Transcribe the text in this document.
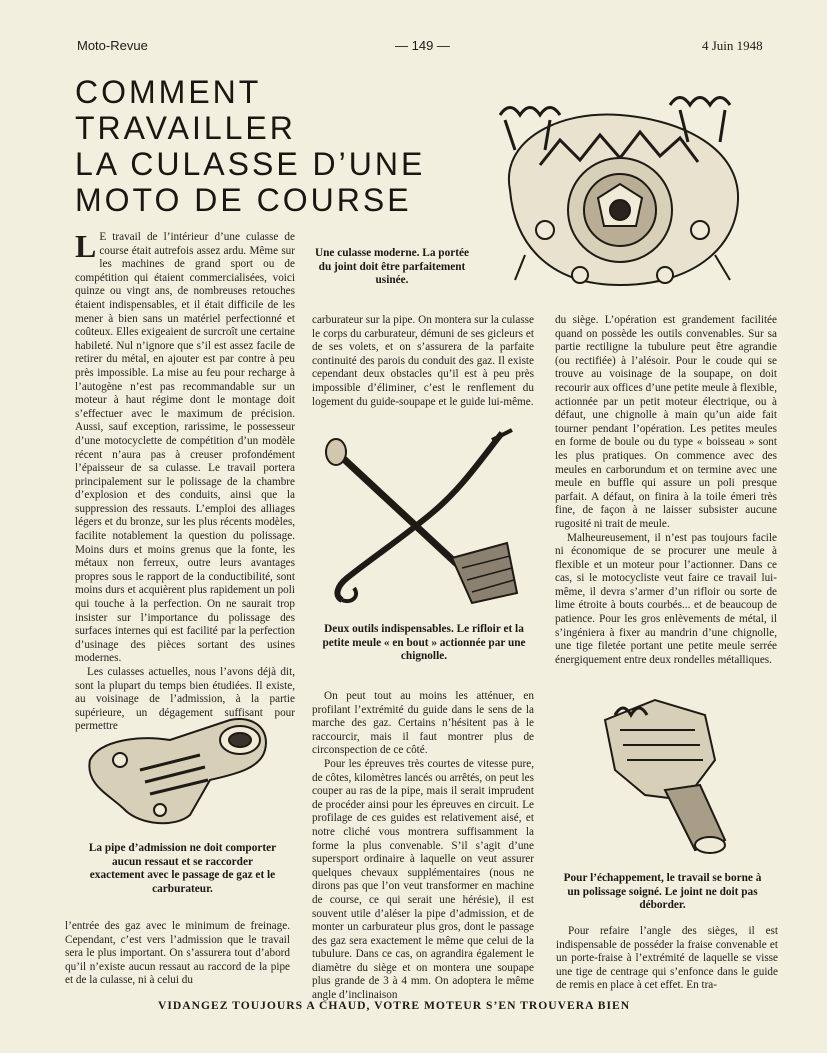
Moto-Revue	— 149 —	4 Juin 1948
COMMENT
TRAVAILLER
LA CULASSE D’UNE
MOTO DE COURSE
Une culasse moderne. La portée du joint doit être parfaitement usinée.
L E travail de l’intérieur d’une culasse de course était autrefois assez ardu. Même sur les machines de grand sport ou de compétition qui étaient commercialisées, voici quinze ou vingt ans, de nombreuses retouches étaient indispensables, et il était difficile de les mener à bien sans un matériel perfectionné et coûteux. Elles exigeaient de surcroît une certaine habileté. Nul n’ignore que s’il est assez facile de retirer du métal, en ajouter est par contre à peu près impossible. La mise au feu pour recharge à l’autogène n’est pas recommandable sur un moteur à haut régime dont le montage doit s’effectuer avec le maximum de précision. Aussi, sauf exception, rarissime, le possesseur d’une motocyclette de compétition d’un modèle récent n’aura pas à creuser profondément l’épaisseur de sa culasse. Le travail portera principalement sur le polissage de la chambre d’explosion et des conduits, ainsi que la suppression des ressauts. L’emploi des alliages légers et du bronze, sur les plus récents modèles, facilite notablement la question du polissage. Moins durs et moins grenus que la fonte, les métaux non ferreux, outre leurs avantages propres sous le rapport de la conductibilité, sont moins durs et acquièrent plus rapidement un poli qui touche à la perfection. On ne saurait trop insister sur l’importance du polissage des surfaces internes qui est facilité par la perfection d’usinage des pièces sortant des usines modernes.

Les culasses actuelles, nous l’avons déjà dit, sont la plupart du temps bien étudiées. Il existe, au voisinage de l’admission, à la partie supérieure, un dégagement suffisant pour permettre

carburateur sur la pipe. On montera sur la culasse le corps du carburateur, démuni de ses gicleurs et de ses volets, et on s’assurera de la parfaite continuité des parois du conduit des gaz. Il existe cependant deux obstacles qu’il est à peu près impossible d’éliminer, c’est le renflement du logement du guide-soupape et le guide lui-même.

Deux outils indispensables. Le rifloir et la petite meule « en bout » actionnée par une chignolle.

du siège. L’opération est grandement facilitée quand on possède les outils convenables. Sur sa partie rectiligne la tubulure peut être agrandie (ou rectifiée) à l’alésoir. Pour le coude qui se trouve au voisinage de la soupape, on doit recourir aux offices d’une petite meule à flexible, actionnée par un petit moteur électrique, ou à défaut, une chignolle à main qu’un aide fait tourner pendant l’opération. Les petites meules en forme de boule ou du type « boisseau » sont les plus pratiques. On commence avec des meules en carborundum et on termine avec une meule en buffle qui assure un poli presque parfait. A défaut, on finira à la toile émeri très fine, de façon à ne laisser subsister aucune rugosité ni trait de meule.

Malheureusement, il n’est pas toujours facile ni économique de se procurer une meule à flexible et un moteur pour l’actionner. Dans ce cas, si le motocycliste veut faire ce travail lui-même, il devra s’armer d’un rifloir ou sorte de lime étroite à bouts courbés... et de beaucoup de patience. Pour les gros enlèvements de métal, il s’ingéniera à fixer au mandrin d’une chignolle, une tige filetée portant une petite meule serrée énergiquement entre deux rondelles métalliques.

La pipe d’admission ne doit comporter aucun ressaut et se raccorder exactement avec le passage de gaz et le carburateur.

l’entrée des gaz avec le minimum de freinage. Cependant, c’est vers l’admission que le travail sera le plus important. On s’assurera tout d’abord qu’il n’existe aucun ressaut au raccord de la pipe et de la culasse, ni à celui du

On peut tout au moins les atténuer, en profilant l’extrémité du guide dans le sens de la marche des gaz. Certains n’hésitent pas à le raccourcir, mais il faut montrer plus de circonspection de ce côté.

Pour les épreuves très courtes de vitesse pure, de côtes, kilomètres lancés ou arrêtés, on peut les couper au ras de la pipe, mais il serait imprudent de procéder ainsi pour les épreuves en circuit. Le profilage de ces guides est relativement aisé, et notre cliché vous montrera suffisamment la forme la plus convenable. S’il s’agit d’une supersport ordinaire à laquelle on veut assurer quelques chevaux supplémentaires (nous ne dirons pas que l’on veut transformer en machine de course, ce qui serait une hérésie), il est souvent utile d’aléser la pipe d’admission, et de monter un carburateur plus gros, dont le passage des gaz sera exactement le même que celui de la tubulure. Dans ce cas, on agrandira également le diamètre du siège et on montera une soupape plus grande de 3 à 4 mm. On adoptera le même angle d’inclinaison

Pour l’échappement, le travail se borne à un polissage soigné. Le joint ne doit pas déborder.

Pour refaire l’angle des sièges, il est indispensable de posséder la fraise convenable et un porte-fraise à l’extrémité de laquelle se visse une tige de centrage qui s’enfonce dans le guide de remis en place à cet effet. En tra-

VIDANGEZ TOUJOURS A CHAUD, VOTRE MOTEUR S’EN TROUVERA BIEN
